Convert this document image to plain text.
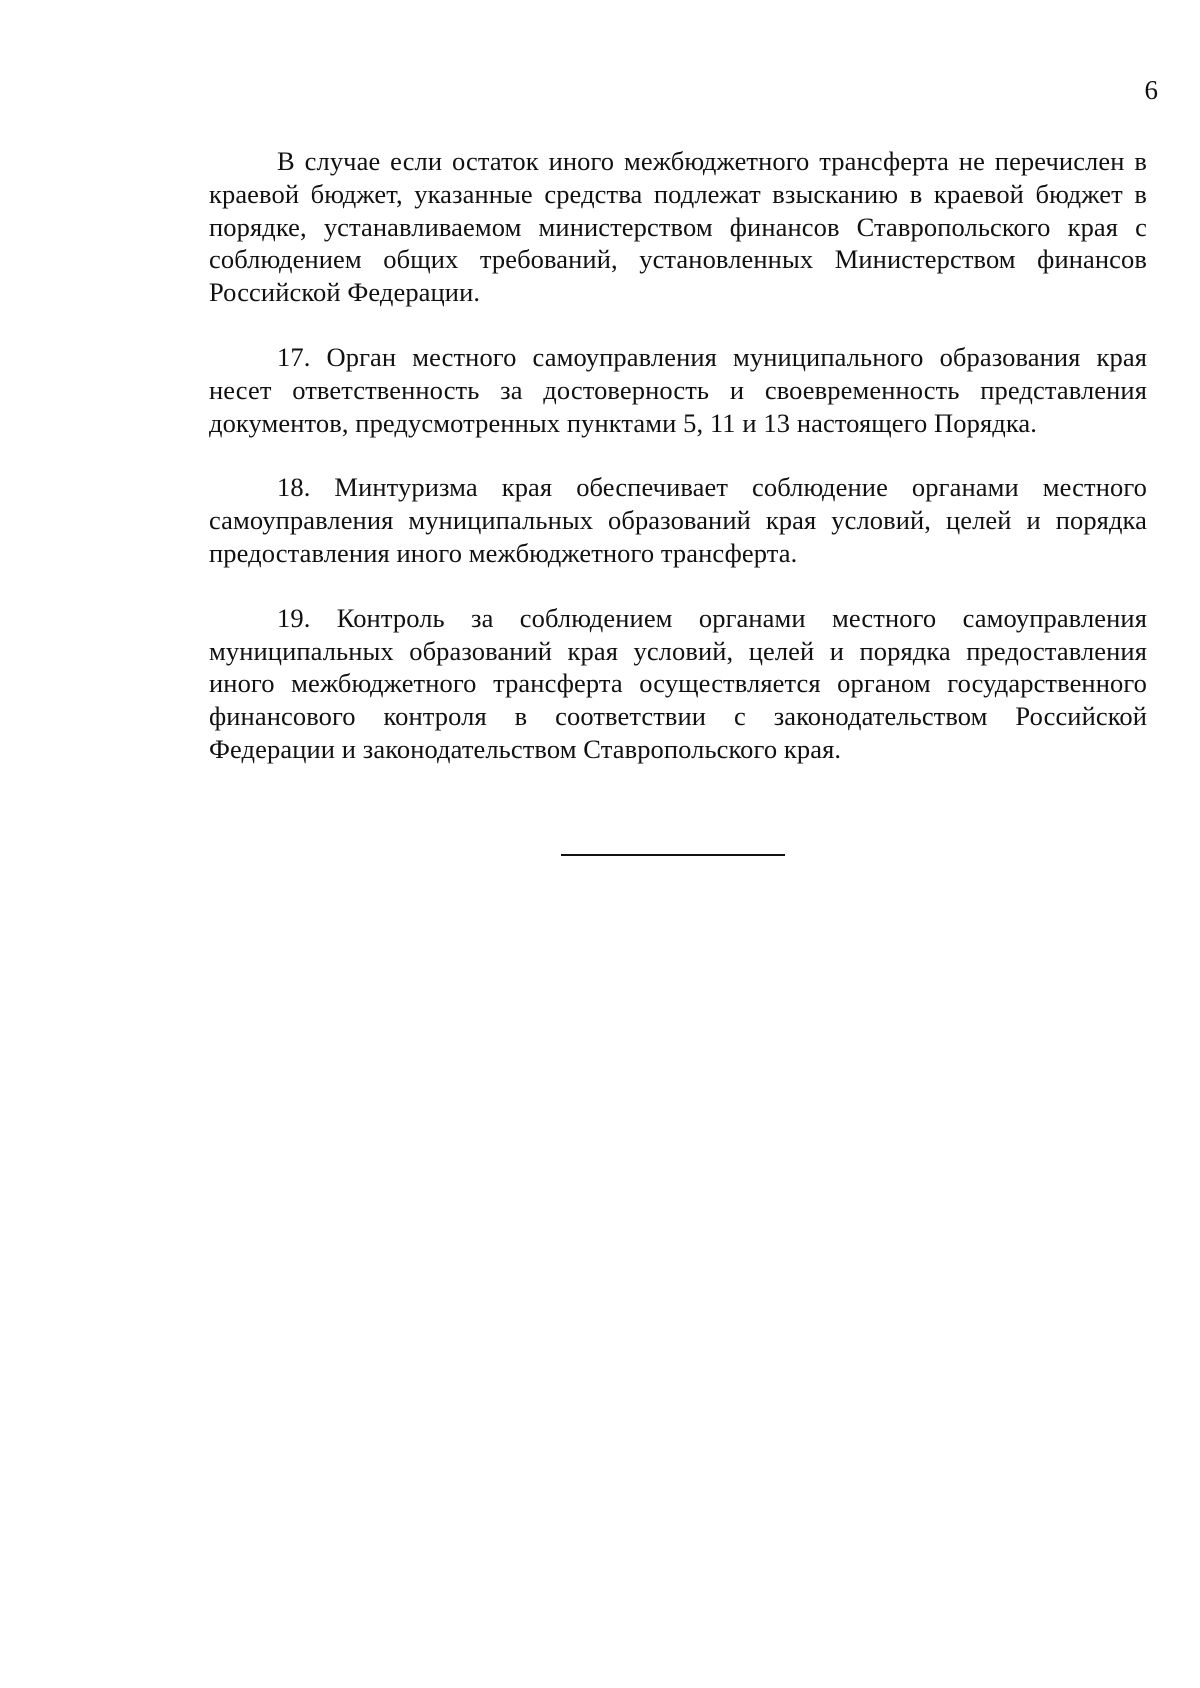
6

В случае если остаток иного межбюджетного трансферта не перечислен в краевой бюджет, указанные средства подлежат взысканию в краевой бюджет в порядке, устанавливаемом министерством финансов Ставропольского края с соблюдением общих требований, установленных Министерством финансов Российской Федерации.

17. Орган местного самоуправления муниципального образования края несет ответственность за достоверность и своевременность представления документов, предусмотренных пунктами 5, 11 и 13 настоящего Порядка.

18. Минтуризма края обеспечивает соблюдение органами местного самоуправления муниципальных образований края условий, целей и порядка предоставления иного межбюджетного трансферта.

19. Контроль за соблюдением органами местного самоуправления муниципальных образований края условий, целей и порядка предоставления иного межбюджетного трансферта осуществляется органом государственного финансового контроля в соответствии с законодательством Российской Федерации и законодательством Ставропольского края.
